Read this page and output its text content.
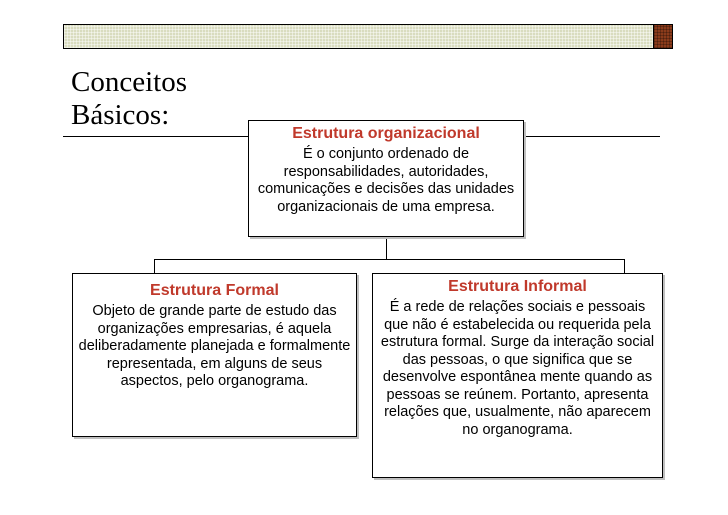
Conceitos
Básicos:
Estrutura organizacional

É o conjunto ordenado de responsabilidades, autoridades, comunicações e decisões das unidades organizacionais de uma empresa.

Estrutura Formal

Objeto de grande parte de estudo das organizações empresarias, é aquela deliberadamente planejada e formalmente representada, em alguns de seus aspectos, pelo organograma.

Estrutura Informal

É a rede de relações sociais e pessoais que não é estabelecida ou requerida pela estrutura formal. Surge da interação social das pessoas, o que significa que se desenvolve espontânea mente quando as pessoas se reúnem. Portanto, apresenta relações que, usualmente, não aparecem no organograma.
